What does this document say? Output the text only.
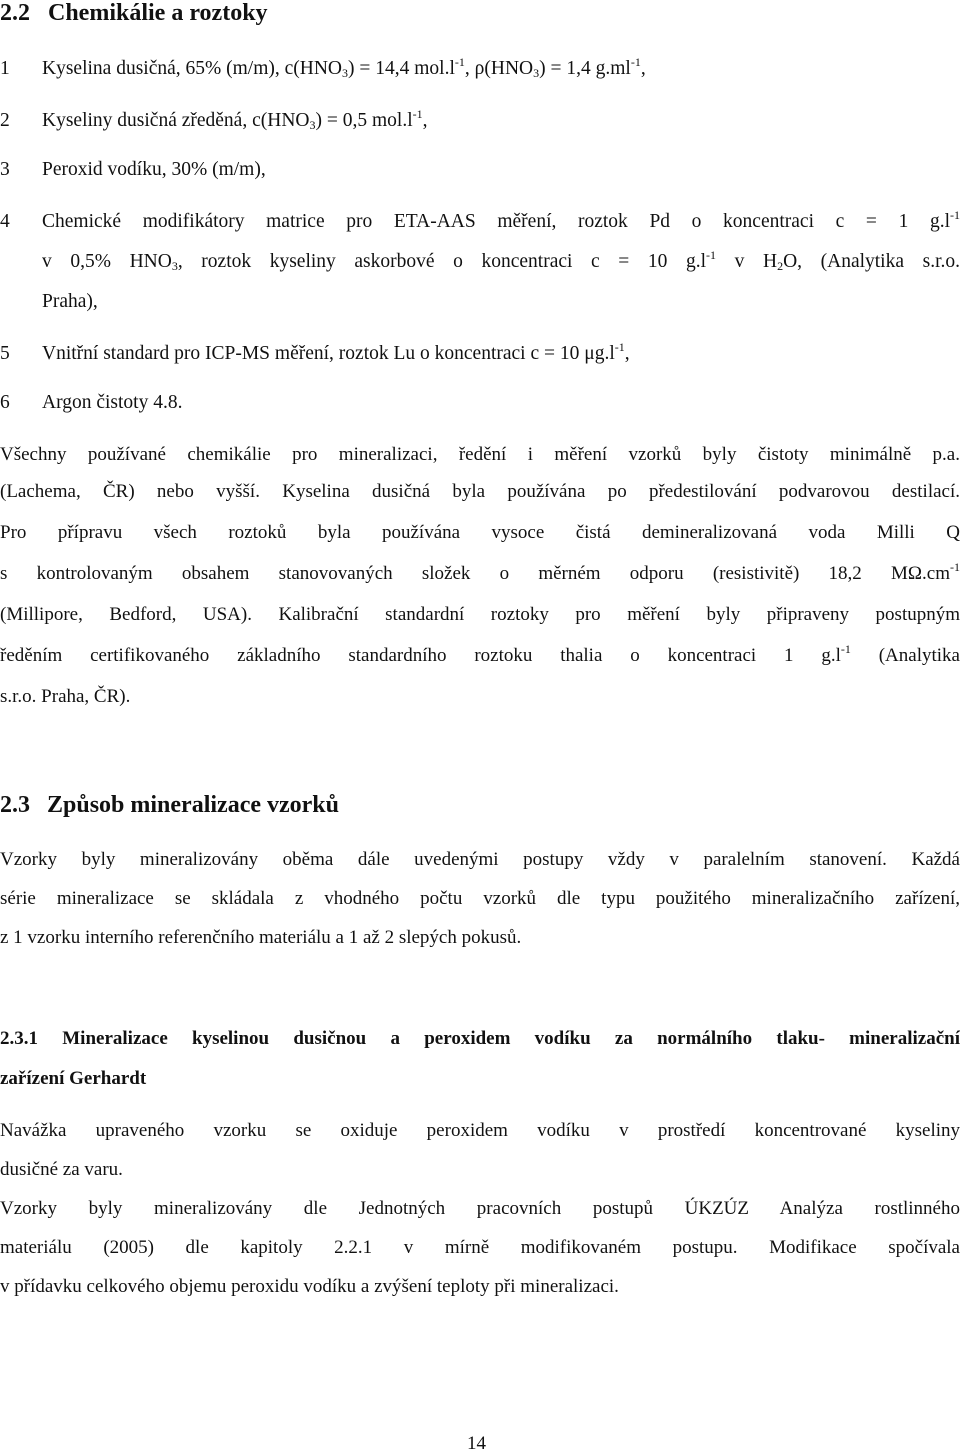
2.2 Chemikálie a roztoky
1 Kyselina dusičná, 65% (m/m), $c(HNO_3) = 14,4$ $mol.l^{-1}$, $\rho(HNO_3) = 1,4$ $g.ml^{-1}$,
2 Kyseliny dusičná zředěná, $c(HNO_3) = 0,5$ $mol.l^{-1}$,
3 Peroxid vodíku, 30% (m/m),
4 Chemické modifikátory matrice pro ETA-AAS měření, roztok Pd o koncentraci c = 1 $g.l^{-1}$
v 0,5% $HNO_3$, roztok kyseliny askorbové o koncentraci c = 10 $g.l^{-1}$ v $H_2O$, (Analytika s.r.o.
Praha),
5 Vnitřní standard pro ICP-MS měření, roztok Lu o koncentraci c = 10 $\mu g.l^{-1}$,
6 Argon čistoty 4.8.
Všechny používané chemikálie pro mineralizaci, ředění i měření vzorků byly čistoty minimálně p.a.
(Lachema, ČR) nebo vyšší. Kyselina dusičná byla používána po předestilování podvarovou destilací.
Pro přípravu všech roztoků byla používána vysoce čistá demineralizovaná voda Milli Q
s kontrolovaným obsahem stanovovaných složek o měrném odporu (resistivitě) 18,2 $M\Omega.cm^{-1}$
(Millipore, Bedford, USA). Kalibrační standardní roztoky pro měření byly připraveny postupným
ředěním certifikovaného základního standardního roztoku thalia o koncentraci 1 $g.l^{-1}$ (Analytika
s.r.o. Praha, ČR).
2.3 Způsob mineralizace vzorků
Vzorky byly mineralizovány oběma dále uvedenými postupy vždy v paralelním stanovení. Každá
série mineralizace se skládala z vhodného počtu vzorků dle typu použitého mineralizačního zařízení,
z 1 vzorku interního referenčního materiálu a 1 až 2 slepých pokusů.
2.3.1 Mineralizace kyselinou dusičnou a peroxidem vodíku za normálního tlaku- mineralizační
zařízení Gerhardt
Navážka upraveného vzorku se oxiduje peroxidem vodíku v prostředí koncentrované kyseliny
dusičné za varu.
Vzorky byly mineralizovány dle Jednotných pracovních postupů ÚKZÚZ Analýza rostlinného
materiálu (2005) dle kapitoly 2.2.1 v mírně modifikovaném postupu. Modifikace spočívala
v přídavku celkového objemu peroxidu vodíku a zvýšení teploty při mineralizaci.
14
